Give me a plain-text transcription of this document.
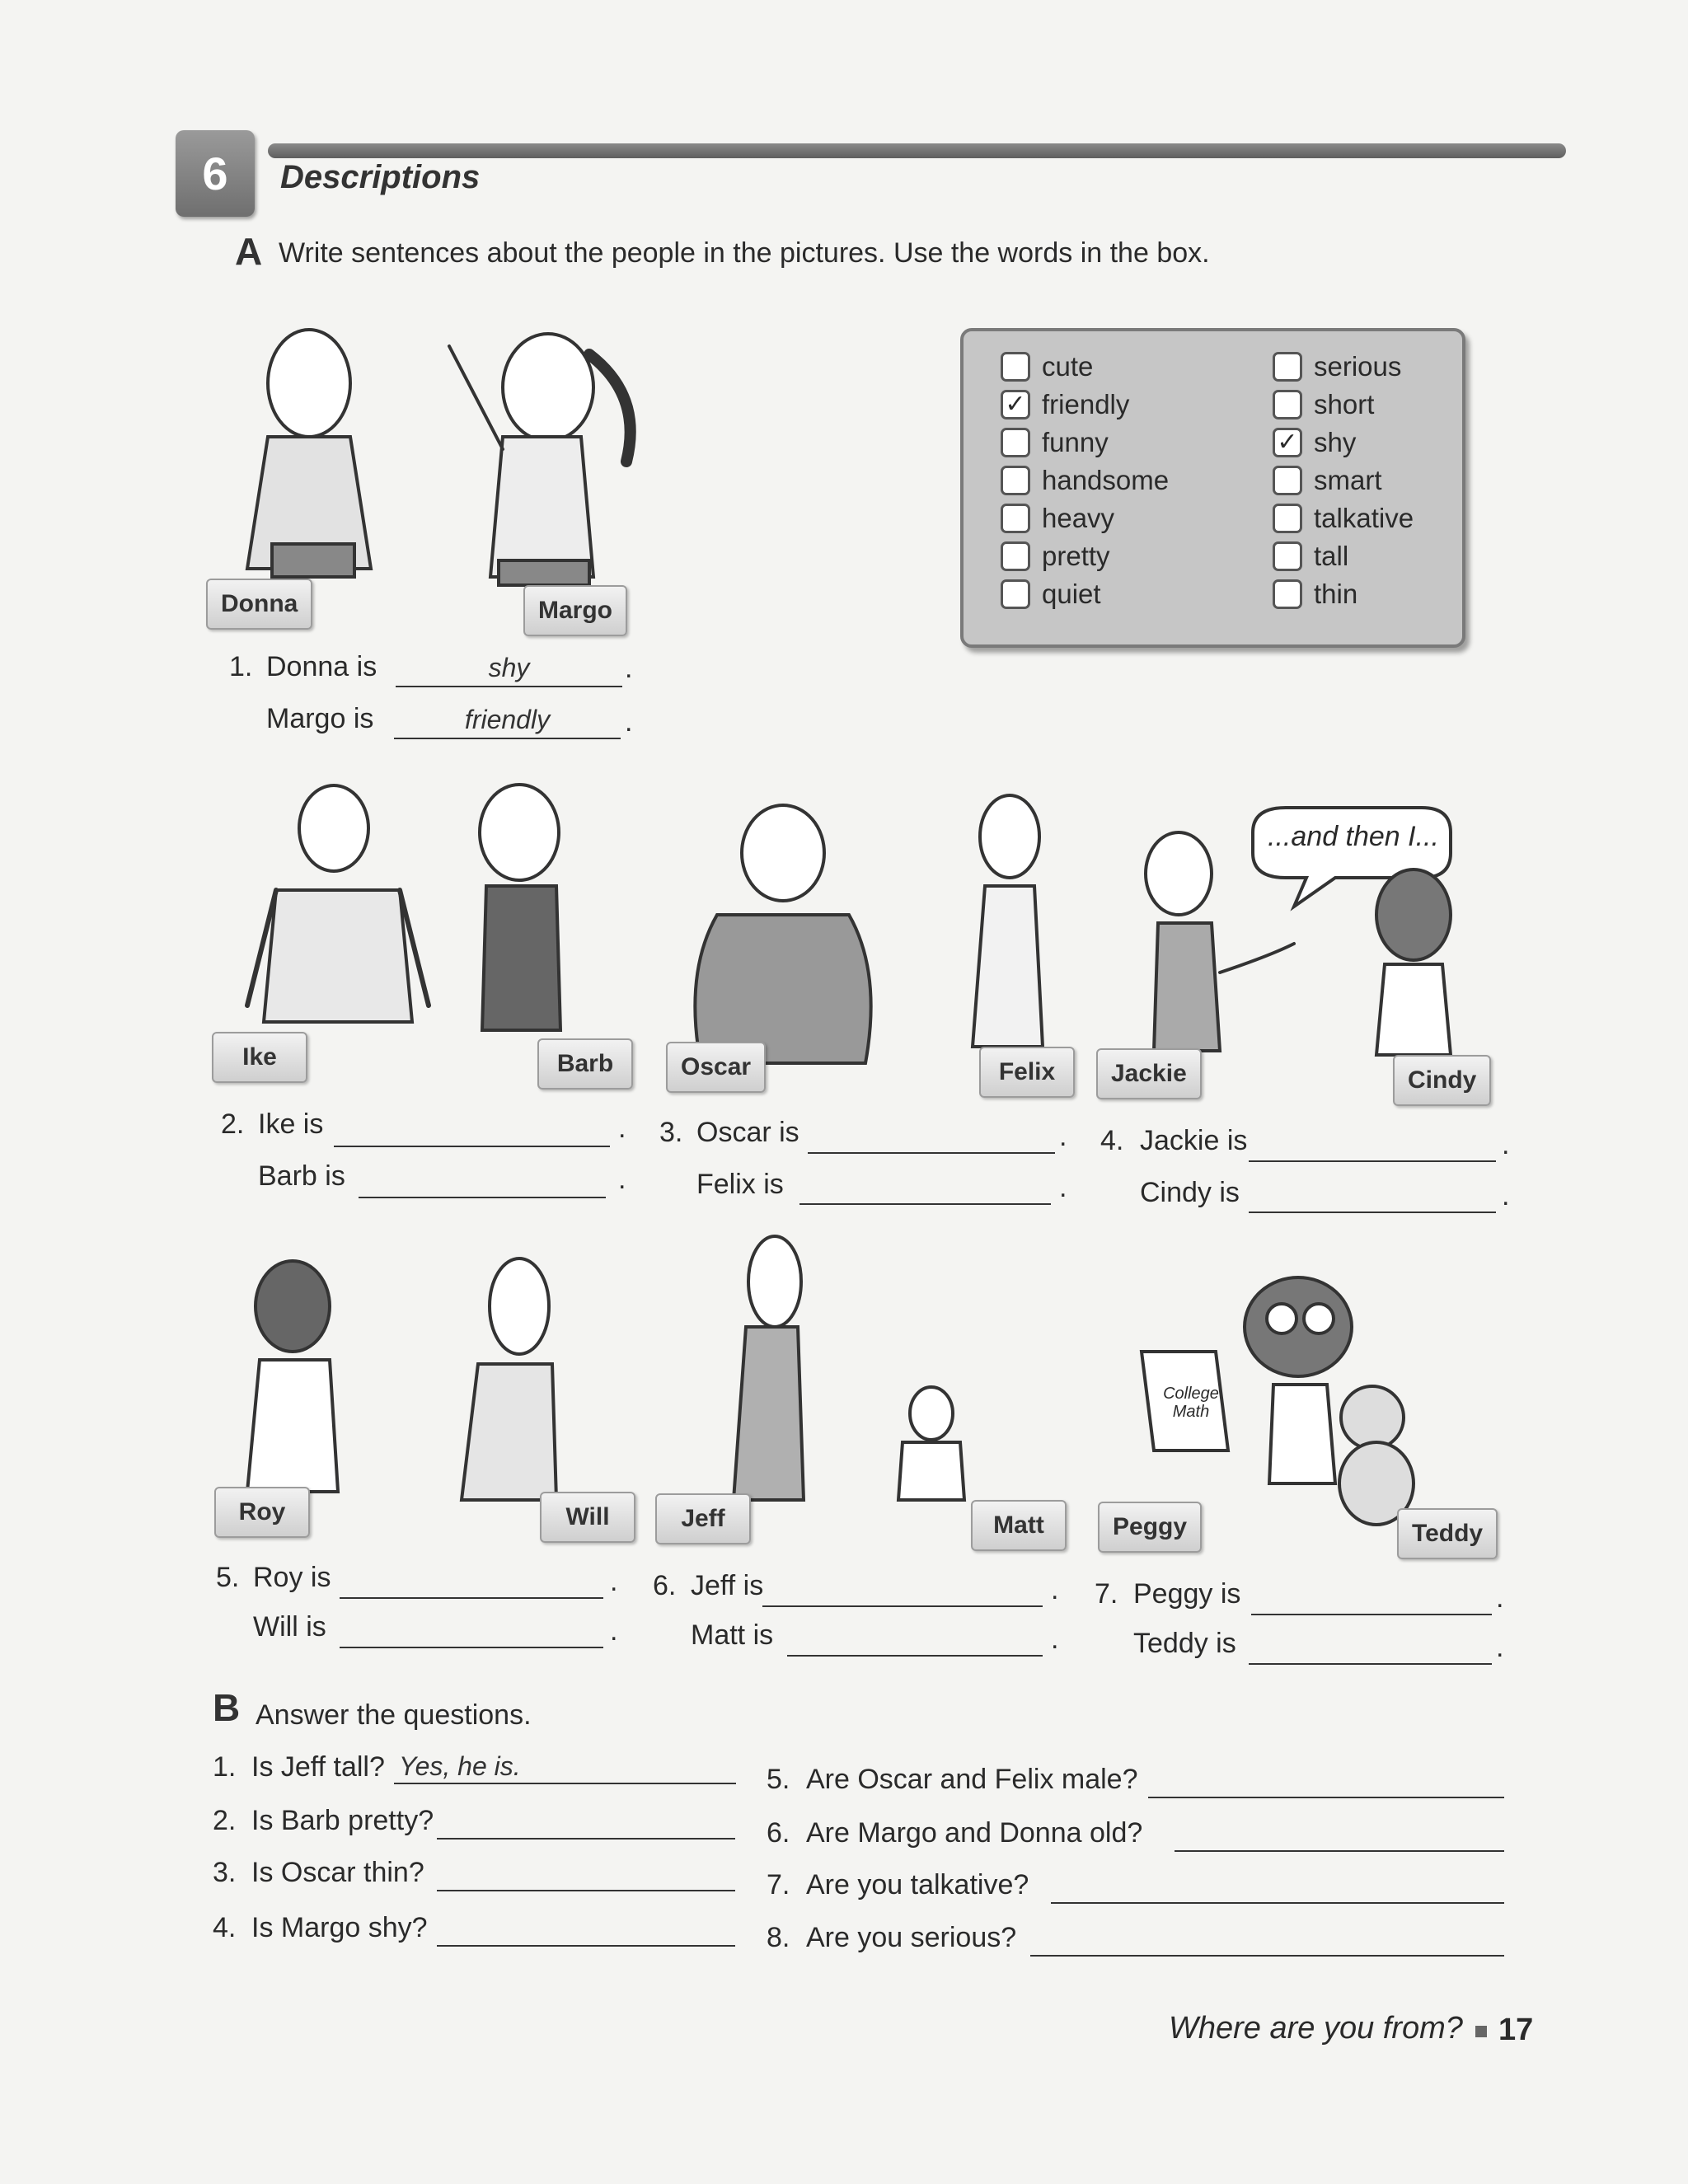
6	Descriptions
A Write sentences about the people in the pictures. Use the words in the box.
cute
✓ friendly
funny
handsome
heavy
pretty
quiet
serious
short
✓ shy
smart
talkative
tall
thin
...and then I...
College
Math
Donna	Margo
Ike	Barb	Oscar	Felix	Jackie	Cindy
Roy	Will	Jeff	Matt	Peggy	Teddy
1. Donna is	shy	.
Margo is	friendly	.
2. Ike is	.
Barb is	.
3. Oscar is	.
Felix is	.
4. Jackie is	.
Cindy is	.
5. Roy is	.
Will is	.
6. Jeff is	.
Matt is	.
7. Peggy is	.
Teddy is	.
B Answer the questions.
1. Is Jeff tall? Yes, he is.
2. Is Barb pretty?
3. Is Oscar thin?
4. Is Margo shy?
5. Are Oscar and Felix male?
6. Are Margo and Donna old?
7. Are you talkative?
8. Are you serious?
Where are you from? 17
